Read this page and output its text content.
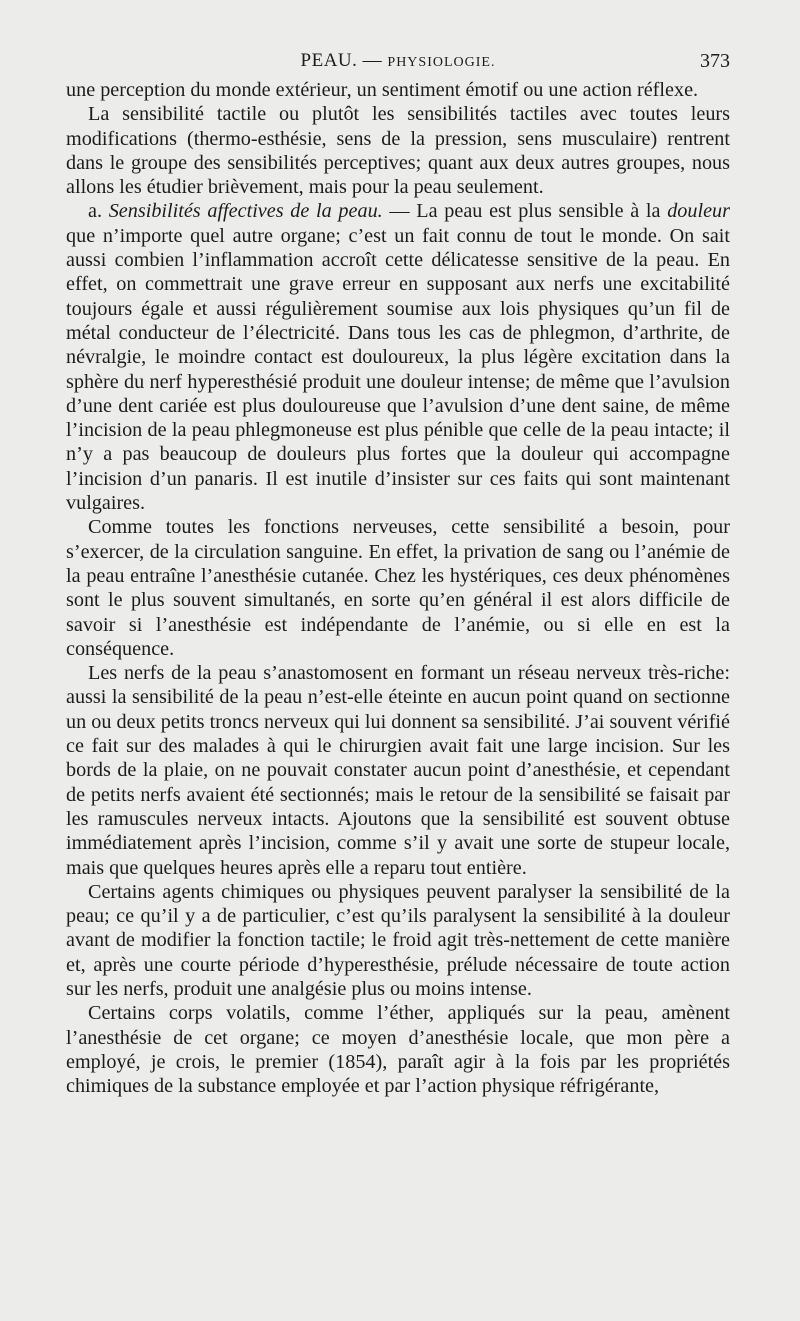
PEAU. — PHYSIOLOGIE.	373

une perception du monde extérieur, un sentiment émotif ou une action réflexe.

La sensibilité tactile ou plutôt les sensibilités tactiles avec toutes leurs modifications (thermo-esthésie, sens de la pression, sens musculaire) rentrent dans le groupe des sensibilités perceptives; quant aux deux autres groupes, nous allons les étudier brièvement, mais pour la peau seulement.

a. Sensibilités affectives de la peau. — La peau est plus sensible à la douleur que n’importe quel autre organe; c’est un fait connu de tout le monde. On sait aussi combien l’inflammation accroît cette délicatesse sensitive de la peau. En effet, on commettrait une grave erreur en supposant aux nerfs une excitabilité toujours égale et aussi régulièrement soumise aux lois physiques qu’un fil de métal conducteur de l’électricité. Dans tous les cas de phlegmon, d’arthrite, de névralgie, le moindre contact est douloureux, la plus légère excitation dans la sphère du nerf hyperesthésié produit une douleur intense; de même que l’avulsion d’une dent cariée est plus douloureuse que l’avulsion d’une dent saine, de même l’incision de la peau phlegmoneuse est plus pénible que celle de la peau intacte; il n’y a pas beaucoup de douleurs plus fortes que la douleur qui accompagne l’incision d’un panaris. Il est inutile d’insister sur ces faits qui sont maintenant vulgaires.

Comme toutes les fonctions nerveuses, cette sensibilité a besoin, pour s’exercer, de la circulation sanguine. En effet, la privation de sang ou l’anémie de la peau entraîne l’anesthésie cutanée. Chez les hystériques, ces deux phénomènes sont le plus souvent simultanés, en sorte qu’en général il est alors difficile de savoir si l’anesthésie est indépendante de l’anémie, ou si elle en est la conséquence.

Les nerfs de la peau s’anastomosent en formant un réseau nerveux très-riche: aussi la sensibilité de la peau n’est-elle éteinte en aucun point quand on sectionne un ou deux petits troncs nerveux qui lui donnent sa sensibilité. J’ai souvent vérifié ce fait sur des malades à qui le chirurgien avait fait une large incision. Sur les bords de la plaie, on ne pouvait constater aucun point d’anesthésie, et cependant de petits nerfs avaient été sectionnés; mais le retour de la sensibilité se faisait par les ramuscules nerveux intacts. Ajoutons que la sensibilité est souvent obtuse immédiatement après l’incision, comme s’il y avait une sorte de stupeur locale, mais que quelques heures après elle a reparu tout entière.

Certains agents chimiques ou physiques peuvent paralyser la sensibilité de la peau; ce qu’il y a de particulier, c’est qu’ils paralysent la sensibilité à la douleur avant de modifier la fonction tactile; le froid agit très-nettement de cette manière et, après une courte période d’hyperesthésie, prélude nécessaire de toute action sur les nerfs, produit une analgésie plus ou moins intense.

Certains corps volatils, comme l’éther, appliqués sur la peau, amènent l’anesthésie de cet organe; ce moyen d’anesthésie locale, que mon père a employé, je crois, le premier (1854), paraît agir à la fois par les propriétés chimiques de la substance employée et par l’action physique réfrigérante,
